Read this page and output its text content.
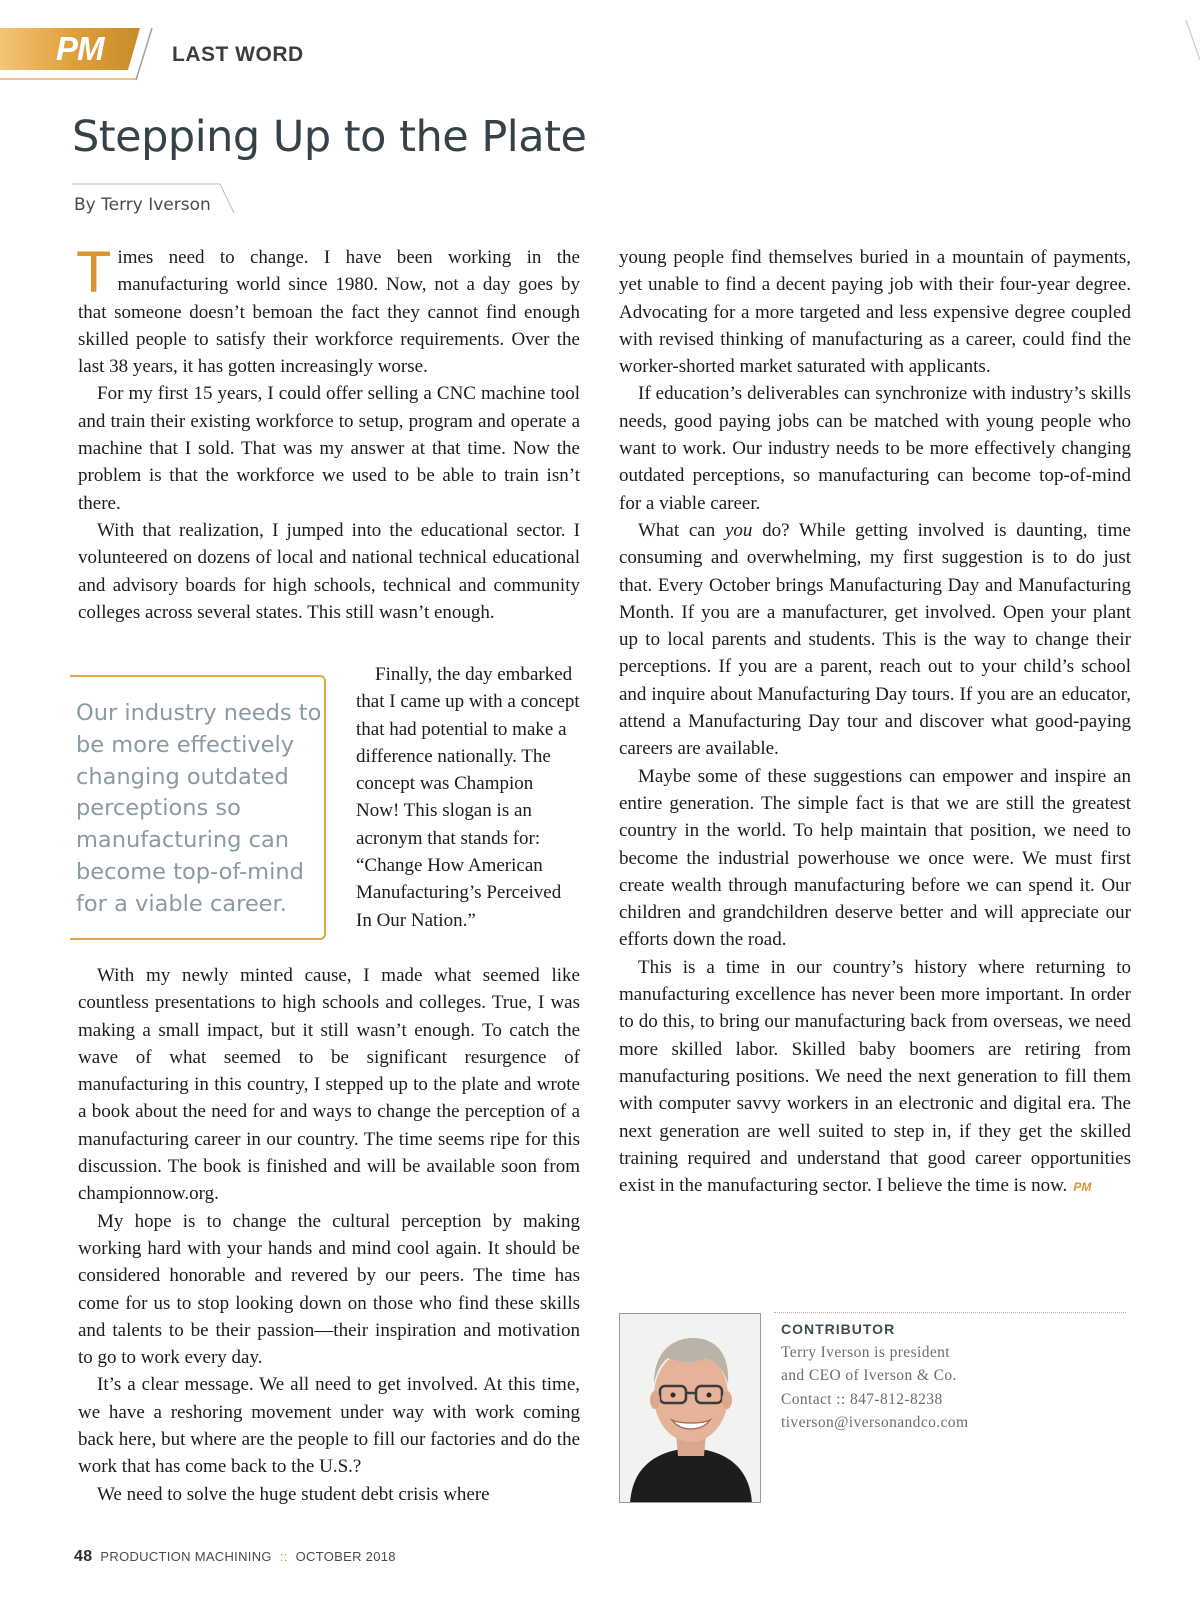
PM	LAST WORD
Stepping Up to the Plate
By Terry Iverson

Times need to change. I have been working in the manufacturing world since 1980. Now, not a day goes by that someone doesn’t bemoan the fact they cannot find enough skilled people to satisfy their workforce requirements. Over the last 38 years, it has gotten increasingly worse.

For my first 15 years, I could offer selling a CNC machine tool and train their existing workforce to setup, program and operate a machine that I sold. That was my answer at that time. Now the problem is that the workforce we used to be able to train isn’t there.

With that realization, I jumped into the educational sector. I volunteered on dozens of local and national technical educational and advisory boards for high schools, technical and community colleges across several states. This still wasn’t enough.

Our industry needs to be more effectively changing outdated perceptions so manufacturing can become top-of-mind for a viable career.

Finally, the day embarked that I came up with a concept that had potential to make a difference nationally. The concept was Champion Now! This slogan is an acronym that stands for: “Change How American Manufacturing’s Perceived In Our Nation.”

With my newly minted cause, I made what seemed like countless presentations to high schools and colleges. True, I was making a small impact, but it still wasn’t enough. To catch the wave of what seemed to be significant resurgence of manufacturing in this country, I stepped up to the plate and wrote a book about the need for and ways to change the perception of a manufacturing career in our country. The time seems ripe for this discussion. The book is finished and will be available soon from championnow.org.

My hope is to change the cultural perception by making working hard with your hands and mind cool again. It should be considered honorable and revered by our peers. The time has come for us to stop looking down on those who find these skills and talents to be their passion—their inspiration and motivation to go to work every day.

It’s a clear message. We all need to get involved. At this time, we have a reshoring movement under way with work coming back here, but where are the people to fill our factories and do the work that has come back to the U.S.?

We need to solve the huge student debt crisis where

young people find themselves buried in a mountain of payments, yet unable to find a decent paying job with their four-year degree. Advocating for a more targeted and less expensive degree coupled with revised thinking of manufacturing as a career, could find the worker-shorted market saturated with applicants.

If education’s deliverables can synchronize with industry’s skills needs, good paying jobs can be matched with young people who want to work. Our industry needs to be more effectively changing outdated perceptions, so manufacturing can become top-of-mind for a viable career.

What can you do? While getting involved is daunting, time consuming and overwhelming, my first suggestion is to do just that. Every October brings Manufacturing Day and Manufacturing Month. If you are a manufacturer, get involved. Open your plant up to local parents and students. This is the way to change their perceptions. If you are a parent, reach out to your child’s school and inquire about Manufacturing Day tours. If you are an educator, attend a Manufacturing Day tour and discover what good-paying careers are available.

Maybe some of these suggestions can empower and inspire an entire generation. The simple fact is that we are still the greatest country in the world. To help maintain that position, we need to become the industrial powerhouse we once were. We must first create wealth through manufacturing before we can spend it. Our children and grandchildren deserve better and will appreciate our efforts down the road.

This is a time in our country’s history where returning to manufacturing excellence has never been more important. In order to do this, to bring our manufacturing back from overseas, we need more skilled labor. Skilled baby boomers are retiring from manufacturing positions. We need the next generation to fill them with computer savvy workers in an electronic and digital era. The next generation are well suited to step in, if they get the skilled training required and understand that good career opportunities exist in the manufacturing sector. I believe the time is now. PM

CONTRIBUTOR
Terry Iverson is president
and CEO of Iverson & Co.
Contact :: 847-812-8238
tiverson@iversonandco.com
48 PRODUCTION MACHINING :: OCTOBER 2018
